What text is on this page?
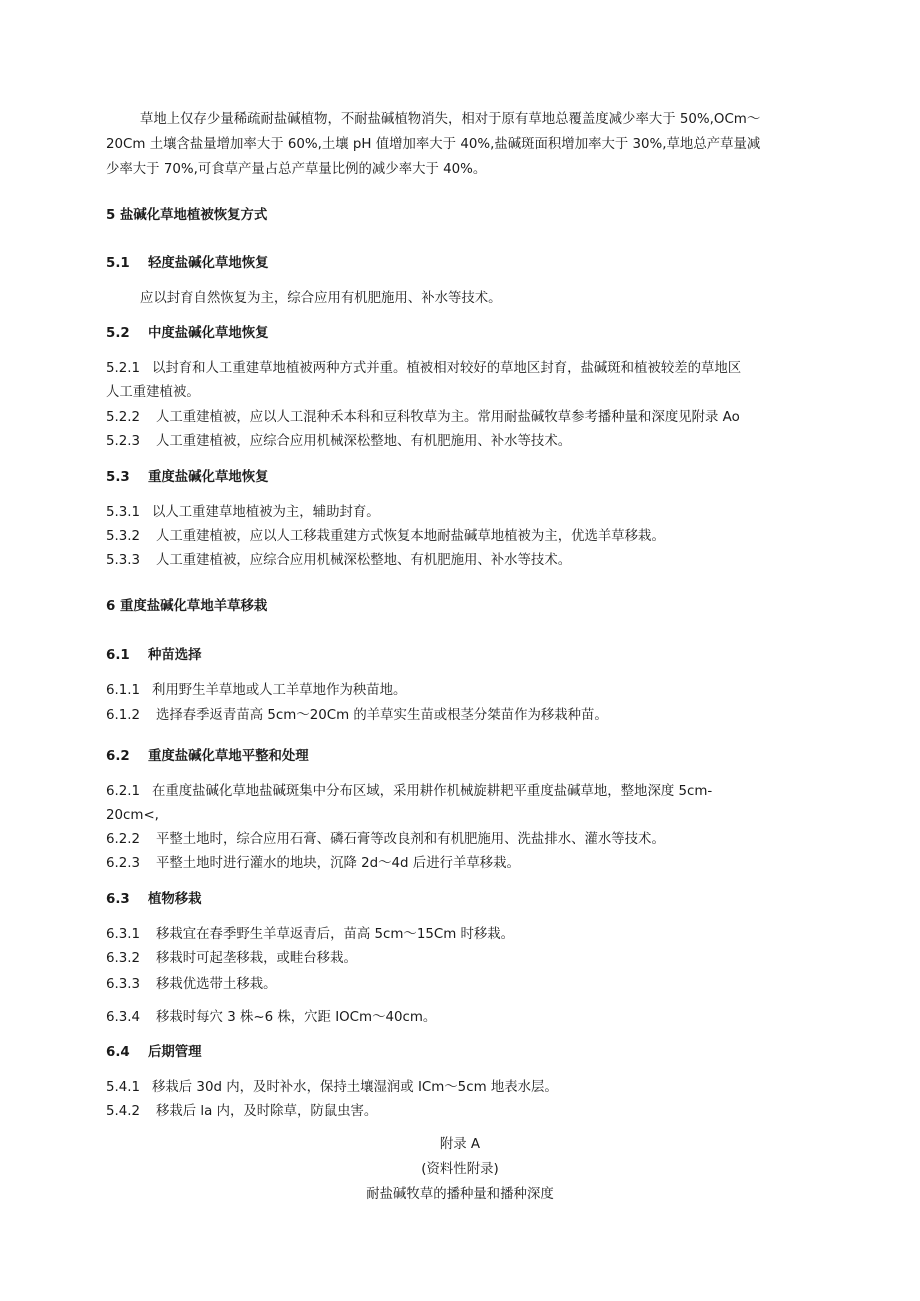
草地上仅存少量稀疏耐盐碱植物，不耐盐碱植物消失，相对于原有草地总覆盖度减少率大于 50%,OCm～
20Cm 土壤含盐量增加率大于 60%,土壤 pH 值增加率大于 40%,盐碱斑面积增加率大于 30%,草地总产草量减
少率大于 70%,可食草产量占总产草量比例的减少率大于 40%。
5 盐碱化草地植被恢复方式
5.1 轻度盐碱化草地恢复
应以封育自然恢复为主，综合应用有机肥施用、补水等技术。
5.2 中度盐碱化草地恢复
5.2.1 以封育和人工重建草地植被两种方式并重。植被相对较好的草地区封育，盐碱斑和植被较差的草地区
人工重建植被。
5.2.2 人工重建植被，应以人工混种禾本科和豆科牧草为主。常用耐盐碱牧草参考播种量和深度见附录 Ao
5.2.3 人工重建植被，应综合应用机械深松整地、有机肥施用、补水等技术。
5.3 重度盐碱化草地恢复
5.3.1 以人工重建草地植被为主，辅助封育。
5.3.2 人工重建植被，应以人工移栽重建方式恢复本地耐盐碱草地植被为主，优选羊草移栽。
5.3.3 人工重建植被，应综合应用机械深松整地、有机肥施用、补水等技术。
6 重度盐碱化草地羊草移栽
6.1 种苗选择
6.1.1 利用野生羊草地或人工羊草地作为秧苗地。
6.1.2 选择春季返青苗高 5cm～20Cm 的羊草实生苗或根茎分桀苗作为移栽种苗。
6.2 重度盐碱化草地平整和处理
6.2.1 在重度盐碱化草地盐碱斑集中分布区域，采用耕作机械旋耕耙平重度盐碱草地，整地深度 5cm-
20cm<,
6.2.2 平整土地时，综合应用石膏、磷石膏等改良剂和有机肥施用、洗盐排水、灌水等技术。
6.2.3 平整土地时进行灌水的地块，沉降 2d～4d 后进行羊草移栽。
6.3 植物移栽
6.3.1 移栽宜在春季野生羊草返青后，苗高 5cm～15Cm 时移栽。
6.3.2 移栽时可起垄移栽，或畦台移栽。
6.3.3 移栽优选带土移栽。
6.3.4 移栽时每穴 3 株~6 株，穴距 IOCm～40cm。
6.4 后期管理
5.4.1 移栽后 30d 内，及时补水，保持土壤湿润或 ICm～5cm 地表水层。
5.4.2 移栽后 la 内，及时除草，防鼠虫害。
附录 A
(资料性附录)
耐盐碱牧草的播种量和播种深度
